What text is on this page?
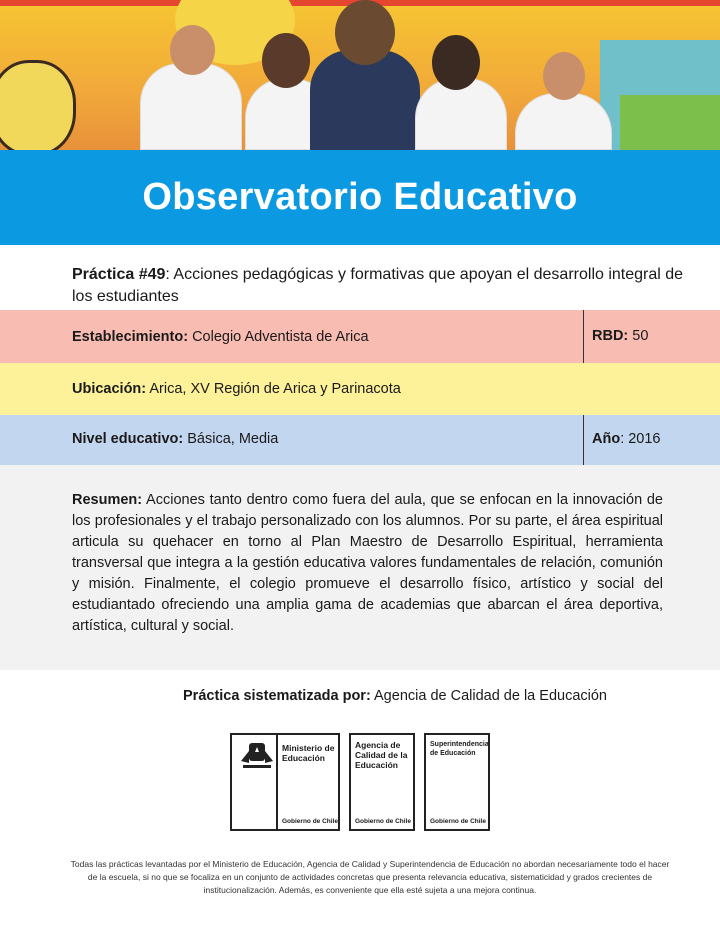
Observatorio Educativo
Práctica #49: Acciones pedagógicas y formativas que apoyan el desarrollo integral de los estudiantes
Establecimiento: Colegio Adventista de Arica	RBD: 50
Ubicación: Arica, XV Región de Arica y Parinacota
Nivel educativo: Básica, Media	Año: 2016
Resumen: Acciones tanto dentro como fuera del aula, que se enfocan en la innovación de los profesionales y el trabajo personalizado con los alumnos. Por su parte, el área espiritual articula su quehacer en torno al Plan Maestro de Desarrollo Espiritual, herramienta transversal que integra a la gestión educativa valores fundamentales de relación, comunión y misión. Finalmente, el colegio promueve el desarrollo físico, artístico y social del estudiantado ofreciendo una amplia gama de academias que abarcan el área deportiva, artística, cultural y social.
Práctica sistematizada por: Agencia de Calidad de la Educación
Ministerio de Educación
Gobierno de Chile
Agencia de Calidad de la Educación
Gobierno de Chile
Superintendencia de Educación
Gobierno de Chile
Todas las prácticas levantadas por el Ministerio de Educación, Agencia de Calidad y Superintendencia de Educación no abordan necesariamente todo el hacer de la escuela, si no que se focaliza en un conjunto de actividades concretas que presenta relevancia educativa, sistematicidad y grados crecientes de institucionalización. Además, es conveniente que ella esté sujeta a una mejora continua.
